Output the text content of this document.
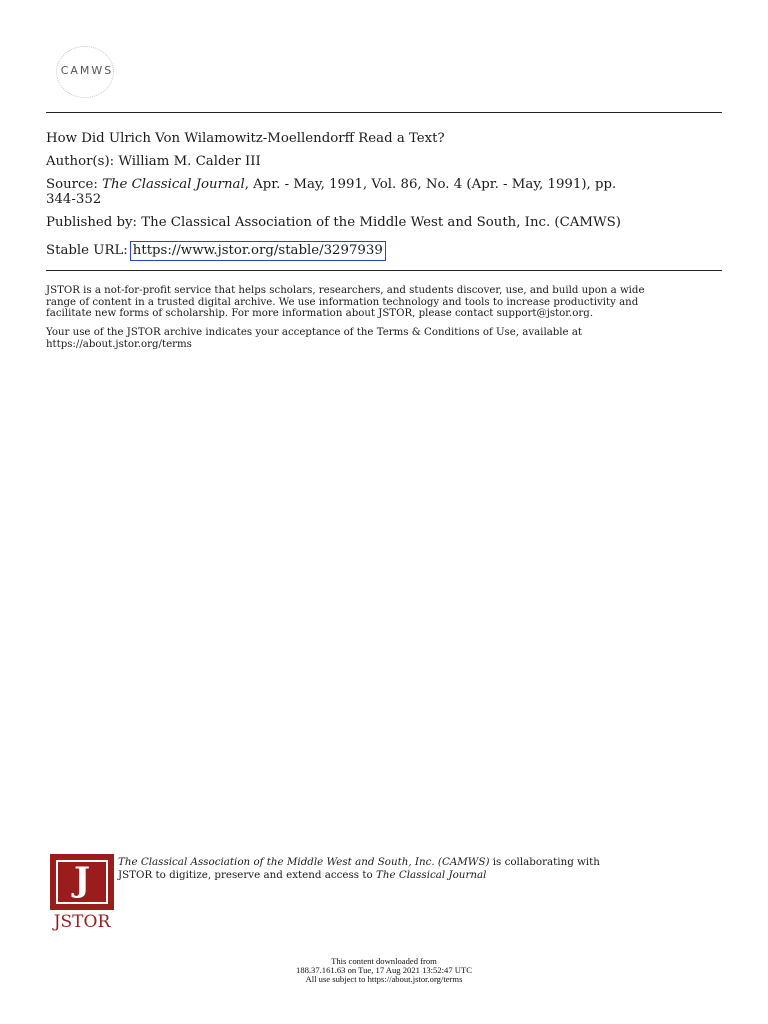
CAMWS
How Did Ulrich Von Wilamowitz-Moellendorff Read a Text?
Author(s): William M. Calder III
Source: The Classical Journal, Apr. - May, 1991, Vol. 86, No. 4 (Apr. - May, 1991), pp.
344-352
Published by: The Classical Association of the Middle West and South, Inc. (CAMWS)
Stable URL: https://www.jstor.org/stable/3297939
JSTOR is a not-for-profit service that helps scholars, researchers, and students discover, use, and build upon a wide
range of content in a trusted digital archive. We use information technology and tools to increase productivity and
facilitate new forms of scholarship. For more information about JSTOR, please contact support@jstor.org.
Your use of the JSTOR archive indicates your acceptance of the Terms & Conditions of Use, available at
https://about.jstor.org/terms
J
JSTOR
The Classical Association of the Middle West and South, Inc. (CAMWS) is collaborating with
JSTOR to digitize, preserve and extend access to The Classical Journal
This content downloaded from
188.37.161.63 on Tue, 17 Aug 2021 13:52:47 UTC
All use subject to https://about.jstor.org/terms
